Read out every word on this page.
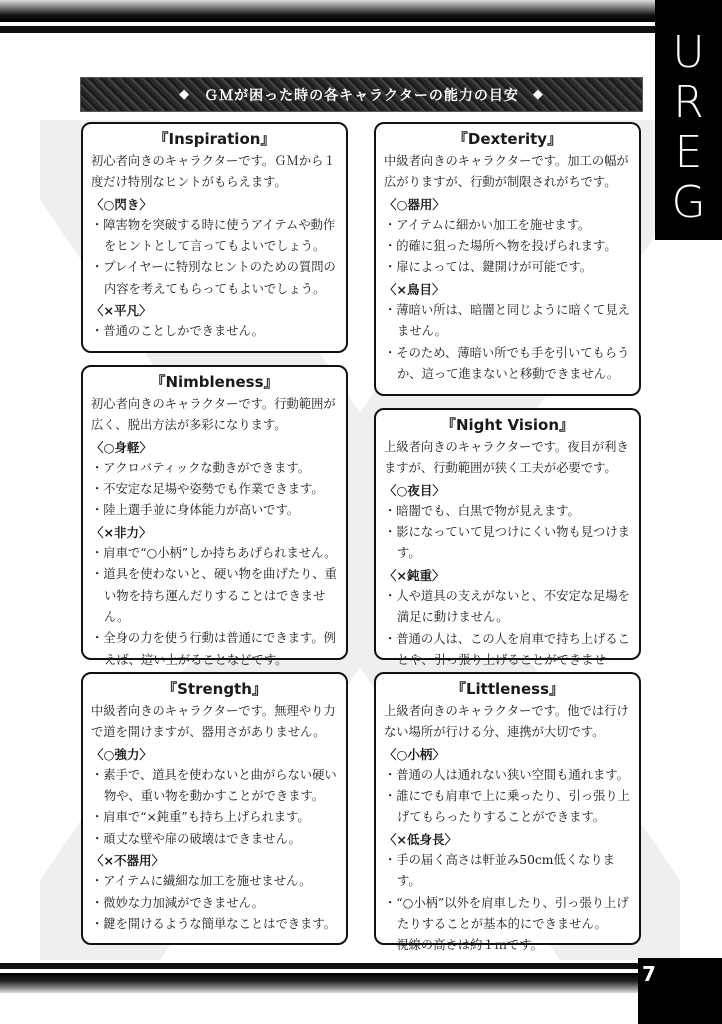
U
R
E
G
◆ ＧＭが困った時の各キャラクターの能力の目安 ◆
『Inspiration』
初心者向きのキャラクターです。ＧＭから１度だけ特別なヒントがもらえます。
〈○閃き〉
・障害物を突破する時に使うアイテムや動作をヒントとして言ってもよいでしょう。
・プレイヤーに特別なヒントのための質問の内容を考えてもらってもよいでしょう。
〈×平凡〉
・普通のことしかできません。
『Nimbleness』
初心者向きのキャラクターです。行動範囲が広く、脱出方法が多彩になります。
〈○身軽〉
・アクロバティックな動きができます。
・不安定な足場や姿勢でも作業できます。
・陸上選手並に身体能力が高いです。
〈×非力〉
・肩車で“○小柄”しか持ちあげられません。
・道具を使わないと、硬い物を曲げたり、重い物を持ち運んだりすることはできません。
・全身の力を使う行動は普通にできます。例えば、這い上がることなどです。
『Strength』
中級者向きのキャラクターです。無理やり力で道を開けますが、器用さがありません。
〈○強力〉
・素手で、道具を使わないと曲がらない硬い物や、重い物を動かすことができます。
・肩車で“×鈍重”も持ち上げられます。
・頑丈な壁や扉の破壊はできません。
〈×不器用〉
・アイテムに繊細な加工を施せません。
・微妙な力加減ができません。
・鍵を開けるような簡単なことはできます。
『Dexterity』
中級者向きのキャラクターです。加工の幅が広がりますが、行動が制限されがちです。
〈○器用〉
・アイテムに細かい加工を施せます。
・的確に狙った場所へ物を投げられます。
・扉によっては、鍵開けが可能です。
〈×鳥目〉
・薄暗い所は、暗闇と同じように暗くて見えません。
・そのため、薄暗い所でも手を引いてもらうか、這って進まないと移動できません。
『Night Vision』
上級者向きのキャラクターです。夜目が利きますが、行動範囲が狭く工夫が必要です。
〈○夜目〉
・暗闇でも、白黒で物が見えます。
・影になっていて見つけにくい物も見つけます。
〈×鈍重〉
・人や道具の支えがないと、不安定な足場を満足に動けません。
・普通の人は、この人を肩車で持ち上げることや、引っ張り上げることができませ
『Littleness』
上級者向きのキャラクターです。他では行けない場所が行ける分、連携が大切です。
〈○小柄〉
・普通の人は通れない狭い空間も通れます。
・誰にでも肩車で上に乗ったり、引っ張り上げてもらったりすることができます。
〈×低身長〉
・手の届く高さは軒並み50cm低くなります。
・“○小柄”以外を肩車したり、引っ張り上げたりすることが基本的にできません。
・視線の高さは約１ｍです。
7
